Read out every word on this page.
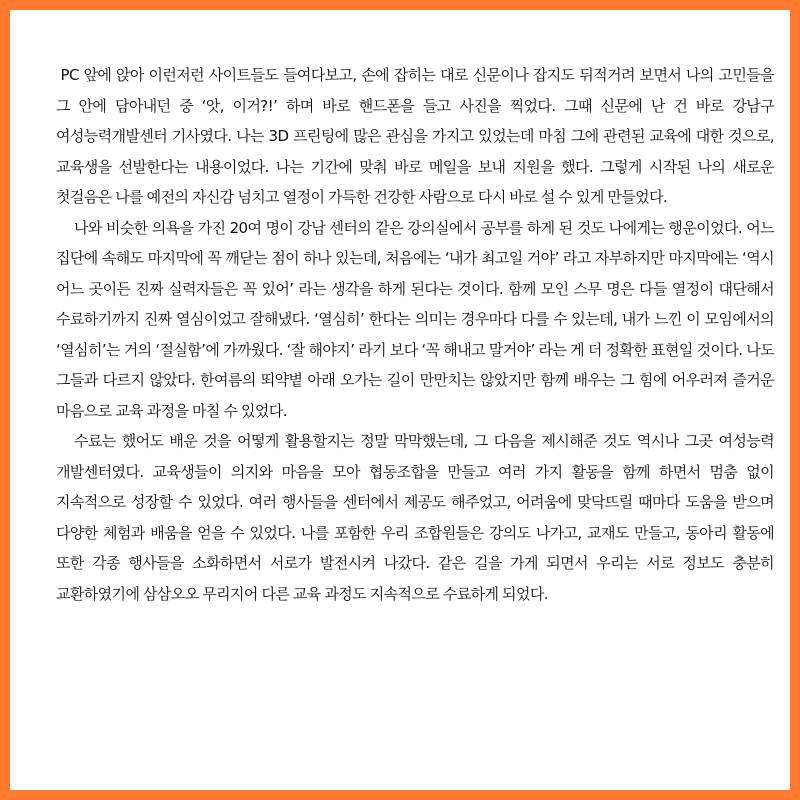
PC 앞에 앉아 이런저런 사이트들도 들여다보고, 손에 잡히는 대로 신문이나 잡지도 뒤적거려 보면서 나의 고민들을 그 안에 담아내던 중 ‘앗, 이거?!’ 하며 바로 핸드폰을 들고 사진을 찍었다. 그때 신문에 난 건 바로 강남구 여성능력개발센터 기사였다. 나는 3D 프린팅에 많은 관심을 가지고 있었는데 마침 그에 관련된 교육에 대한 것으로, 교육생을 선발한다는 내용이었다. 나는 기간에 맞춰 바로 메일을 보내 지원을 했다. 그렇게 시작된 나의 새로운 첫걸음은 나를 예전의 자신감 넘치고 열정이 가득한 건강한 사람으로 다시 바로 설 수 있게 만들었다.

나와 비슷한 의욕을 가진 20여 명이 강남 센터의 같은 강의실에서 공부를 하게 된 것도 나에게는 행운이었다. 어느 집단에 속해도 마지막에 꼭 깨닫는 점이 하나 있는데, 처음에는 ‘내가 최고일 거야’ 라고 자부하지만 마지막에는 ‘역시 어느 곳이든 진짜 실력자들은 꼭 있어’ 라는 생각을 하게 된다는 것이다. 함께 모인 스무 명은 다들 열정이 대단해서 수료하기까지 진짜 열심이었고 잘해냈다. ‘열심히’ 한다는 의미는 경우마다 다를 수 있는데, 내가 느낀 이 모임에서의 ‘열심히’는 거의 ‘절실함’에 가까웠다. ‘잘 해야지’ 라기 보다 ‘꼭 해내고 말거야’ 라는 게 더 정확한 표현일 것이다. 나도 그들과 다르지 않았다. 한여름의 뙤약볕 아래 오가는 길이 만만치는 않았지만 함께 배우는 그 힘에 어우러져 즐거운 마음으로 교육 과정을 마칠 수 있었다.

수료는 했어도 배운 것을 어떻게 활용할지는 정말 막막했는데, 그 다음을 제시해준 것도 역시나 그곳 여성능력 개발센터였다. 교육생들이 의지와 마음을 모아 협동조합을 만들고 여러 가지 활동을 함께 하면서 멈춤 없이 지속적으로 성장할 수 있었다. 여러 행사들을 센터에서 제공도 해주었고, 어려움에 맞닥뜨릴 때마다 도움을 받으며 다양한 체험과 배움을 얻을 수 있었다. 나를 포함한 우리 조합원들은 강의도 나가고, 교재도 만들고, 동아리 활동에 또한 각종 행사들을 소화하면서 서로가 발전시켜 나갔다. 같은 길을 가게 되면서 우리는 서로 정보도 충분히 교환하였기에 삼삼오오 무리지어 다른 교육 과정도 지속적으로 수료하게 되었다.
